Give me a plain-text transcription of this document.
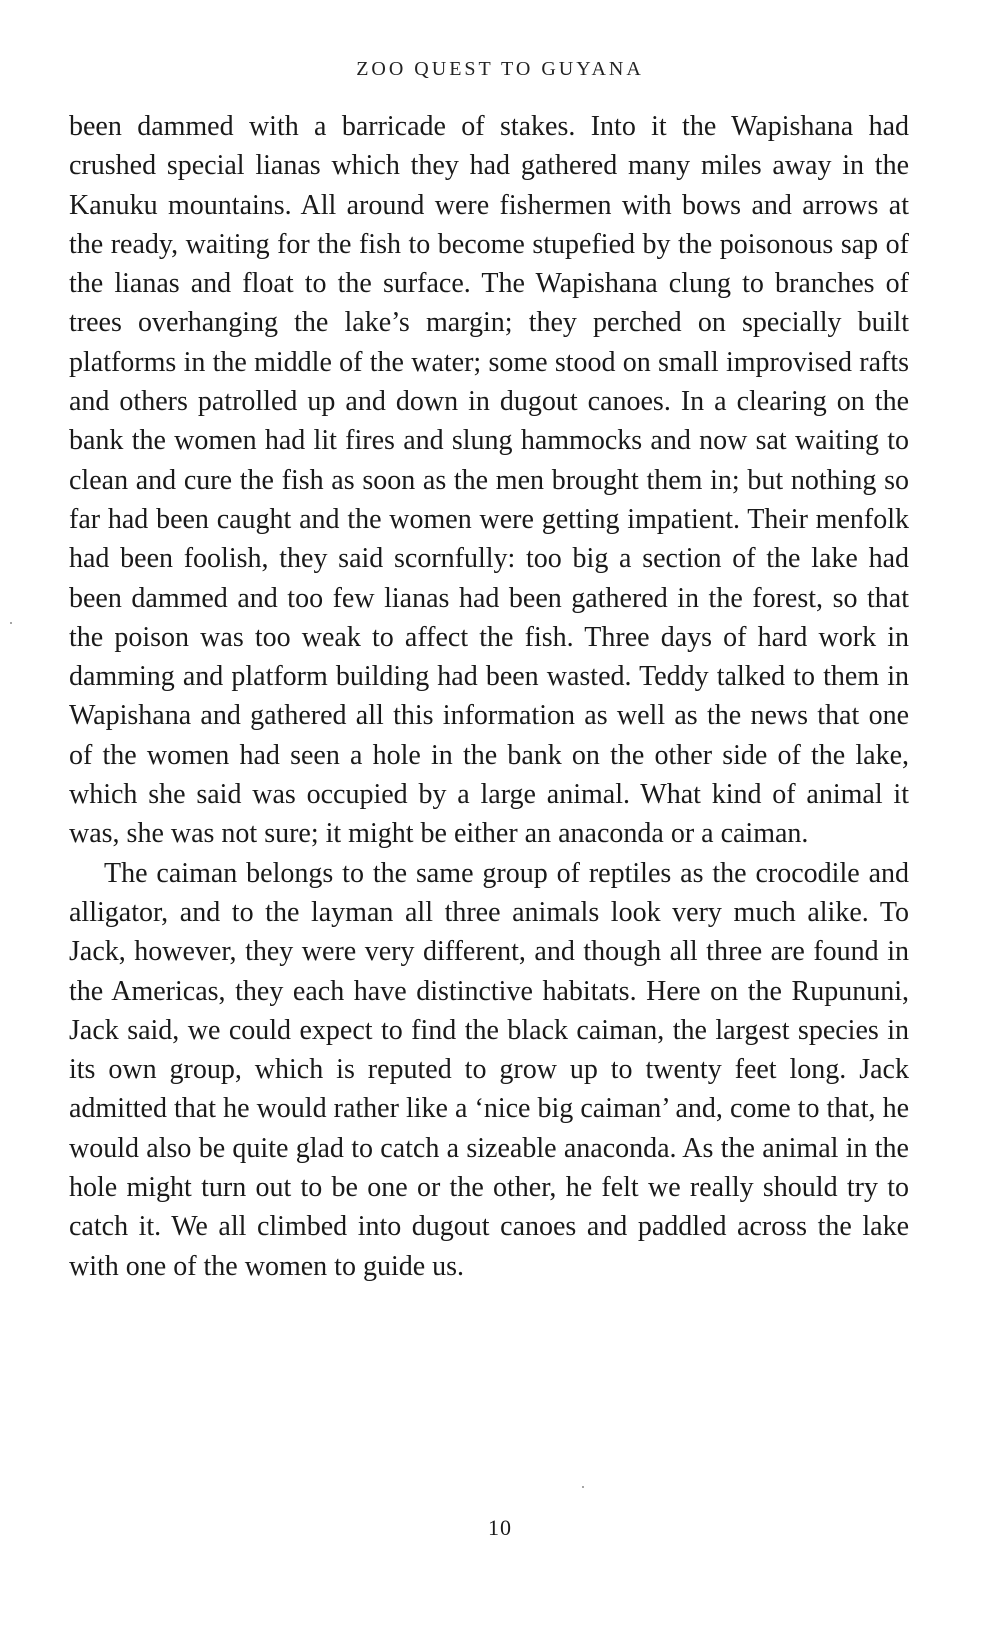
ZOO QUEST TO GUYANA

been dammed with a barricade of stakes. Into it the Wapishana had crushed special lianas which they had gathered many miles away in the Kanuku mountains. All around were fishermen with bows and arrows at the ready, waiting for the fish to become stupefied by the poisonous sap of the lianas and float to the surface. The Wapishana clung to branches of trees overhanging the lake’s margin; they perched on specially built platforms in the middle of the water; some stood on small improvised rafts and others patrolled up and down in dugout canoes. In a clearing on the bank the women had lit fires and slung hammocks and now sat waiting to clean and cure the fish as soon as the men brought them in; but nothing so far had been caught and the women were getting impatient. Their menfolk had been foolish, they said scornfully: too big a section of the lake had been dammed and too few lianas had been gathered in the forest, so that the poison was too weak to affect the fish. Three days of hard work in damming and platform building had been wasted. Teddy talked to them in Wapishana and gathered all this information as well as the news that one of the women had seen a hole in the bank on the other side of the lake, which she said was occupied by a large animal. What kind of animal it was, she was not sure; it might be either an anaconda or a caiman.

The caiman belongs to the same group of reptiles as the crocodile and alligator, and to the layman all three animals look very much alike. To Jack, however, they were very different, and though all three are found in the Americas, they each have distinctive habitats. Here on the Rupununi, Jack said, we could expect to find the black caiman, the largest species in its own group, which is reputed to grow up to twenty feet long. Jack admitted that he would rather like a ‘nice big caiman’ and, come to that, he would also be quite glad to catch a sizeable anaconda. As the animal in the hole might turn out to be one or the other, he felt we really should try to catch it. We all climbed into dugout canoes and paddled across the lake with one of the women to guide us.

10
